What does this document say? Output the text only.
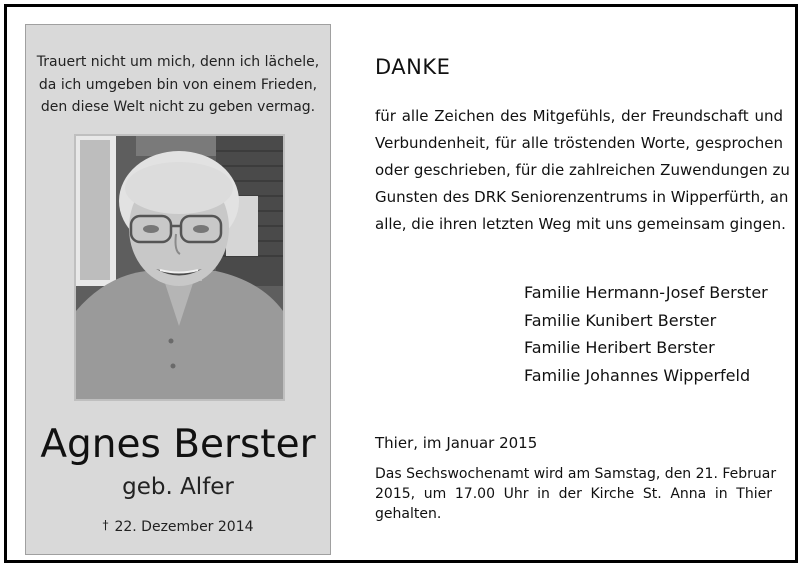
Trauert nicht um mich, denn ich lächele,
da ich umgeben bin von einem Frieden,
den diese Welt nicht zu geben vermag.
Agnes Berster
geb. Alfer
† 22. Dezember 2014
DANKE
für alle Zeichen des Mitgefühls, der Freundschaft und
Verbundenheit, für alle tröstenden Worte, gesprochen
oder geschrieben, für die zahlreichen Zuwendungen zu
Gunsten des DRK Seniorenzentrums in Wipperfürth, an
alle, die ihren letzten Weg mit uns gemeinsam gingen.
Familie Hermann-Josef Berster
Familie Kunibert Berster
Familie Heribert Berster
Familie Johannes Wipperfeld
Thier, im Januar 2015
Das Sechswochenamt wird am Samstag, den 21. Februar
2015, um 17.00 Uhr in der Kirche St. Anna in Thier
gehalten.
